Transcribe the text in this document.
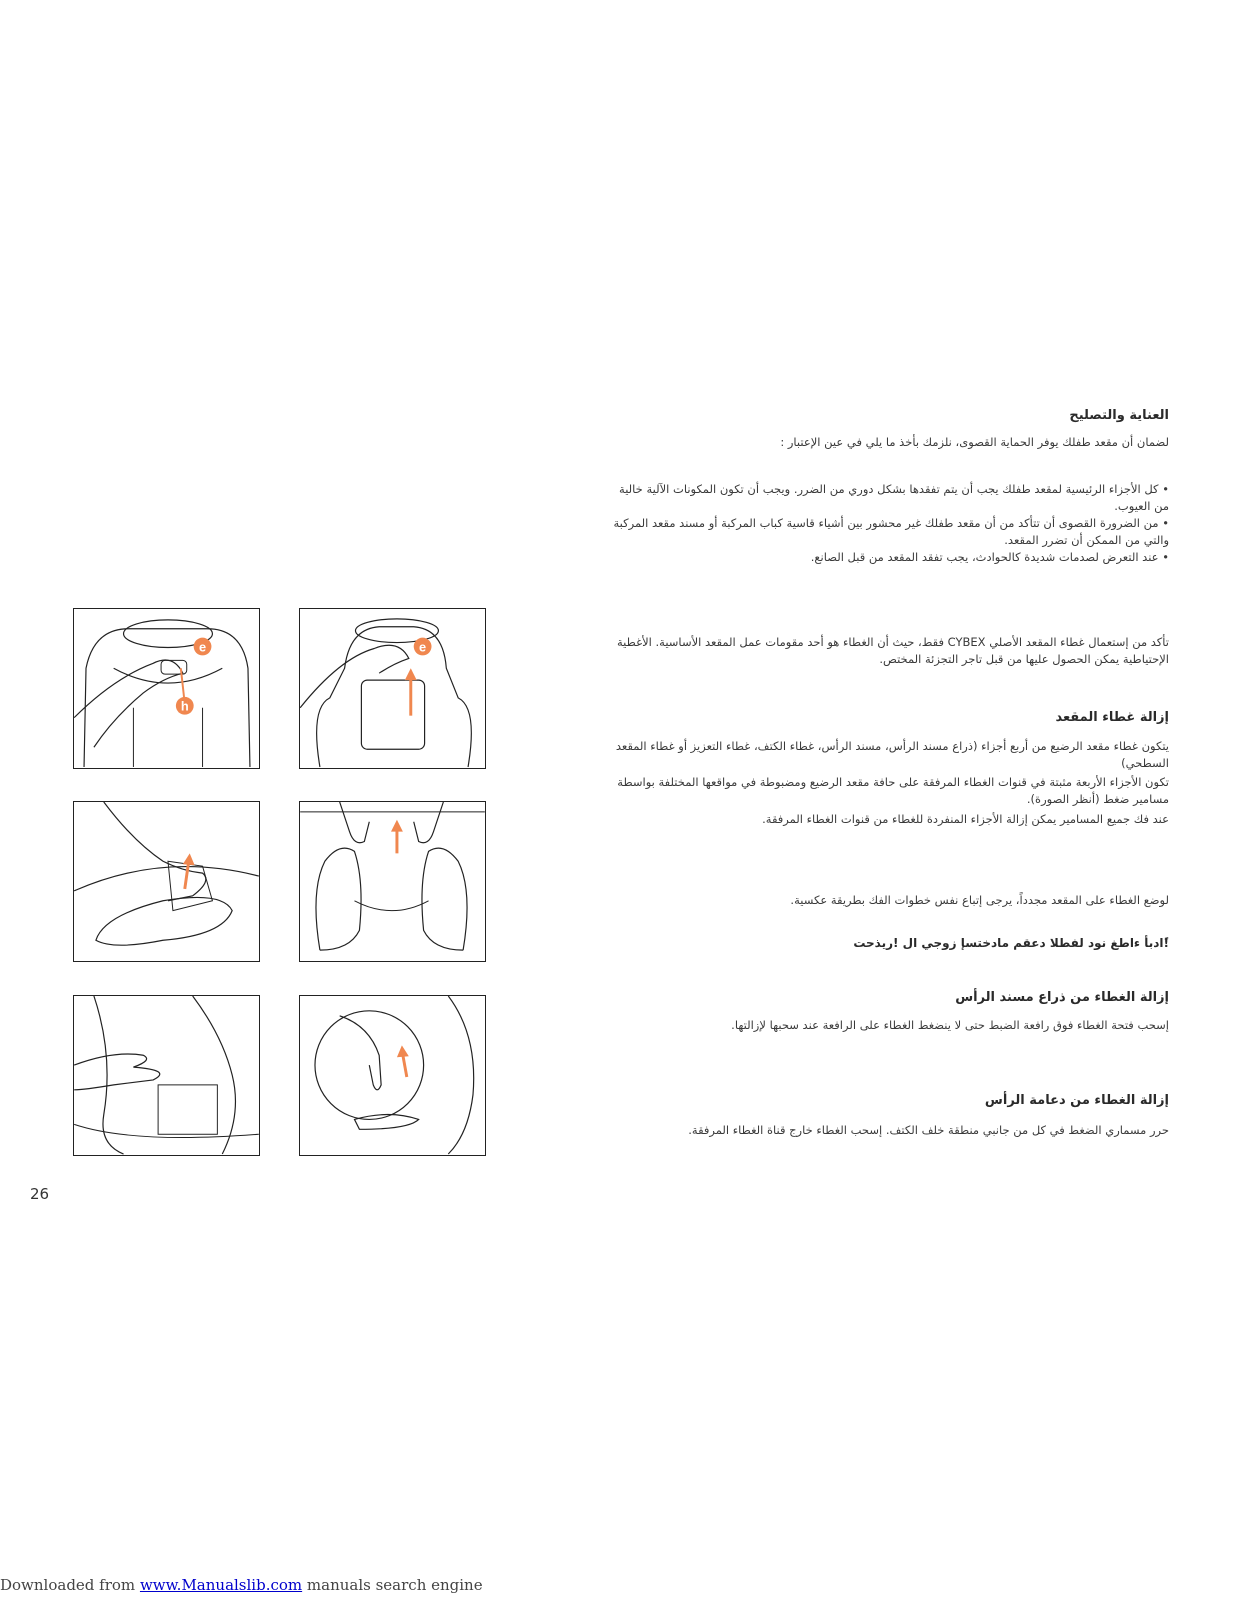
العناية والتصليح
لضمان أن مقعد طفلك يوفر الحماية القصوى، نلزمك بأخذ ما يلي في عين الإعتبار :

• كل الأجزاء الرئيسية لمقعد طفلك يجب أن يتم تفقدها بشكل دوري من الضرر. ويجب أن تكون المكونات الآلية خالية من العيوب.

• من الضرورة القصوى أن تتأكد من أن مقعد طفلك غير محشور بين أشياء قاسية كباب المركبة أو مسند مقعد المركبة والتي من الممكن أن تضرر المقعد.

• عند التعرض لصدمات شديدة كالحوادث، يجب تفقد المقعد من قبل الصانع.

تأكد من إستعمال غطاء المقعد الأصلي CYBEX فقط، حيث أن الغطاء هو أحد مقومات عمل المقعد الأساسية. الأغطية الإحتياطية يمكن الحصول عليها من قبل تاجر التجزئة المختص.
إزالة غطاء المقعد
يتكون غطاء مقعد الرضيع من أربع أجزاء (ذراع مسند الرأس، مسند الرأس، غطاء الكتف، غطاء التعزيز أو غطاء المقعد السطحي)
تكون الأجزاء الأربعة مثبتة في قنوات الغطاء المرفقة على حافة مقعد الرضيع ومضبوطة في مواقعها المختلفة بواسطة مسامير ضغط (أنظر الصورة).
عند فك جميع المسامير يمكن إزالة الأجزاء المنفردة للغطاء من قنوات الغطاء المرفقة.
لوضع الغطاء على المقعد مجدداً، يرجى إتباع نفس خطوات الفك بطريقة عكسية.
!ًادبأ ءاطغ نود لفطلا دعقم مادختسإ زوجي ال !ريذحت
إزالة الغطاء من ذراع مسند الرأس
إسحب فتحة الغطاء فوق رافعة الضبط حتى لا ينضغط الغطاء على الرافعة عند سحبها لإزالتها.
إزالة الغطاء من دعامة الرأس
حرر مسماري الضغط في كل من جانبي منطقة خلف الكتف. إسحب الغطاء خارج قناة الغطاء المرفقة.
e
h
e
26
Downloaded from www.Manualslib.com manuals search engine
